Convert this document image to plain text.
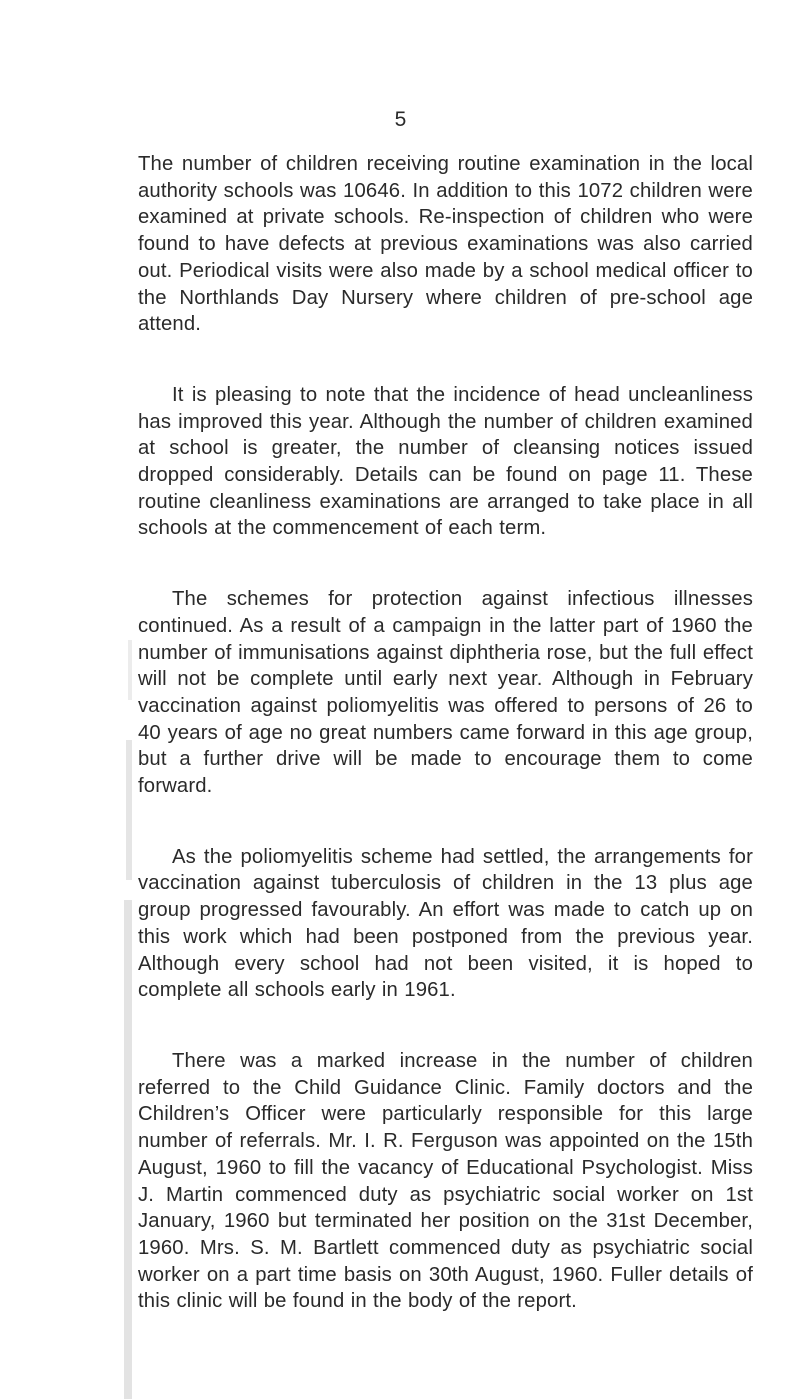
5

The number of children receiving routine examination in the local authority schools was 10646. In addition to this 1072 children were examined at private schools. Re-inspection of children who were found to have defects at previous examinations was also carried out. Periodical visits were also made by a school medical officer to the Northlands Day Nursery where children of pre-school age attend.

It is pleasing to note that the incidence of head uncleanliness has improved this year. Although the number of children examined at school is greater, the number of cleansing notices issued dropped considerably. Details can be found on page 11. These routine cleanliness examinations are arranged to take place in all schools at the commencement of each term.

The schemes for protection against infectious illnesses continued. As a result of a campaign in the latter part of 1960 the number of immunisations against diphtheria rose, but the full effect will not be complete until early next year. Although in February vaccination against poliomyelitis was offered to persons of 26 to 40 years of age no great numbers came forward in this age group, but a further drive will be made to encourage them to come forward.

As the poliomyelitis scheme had settled, the arrangements for vaccination against tuberculosis of children in the 13 plus age group progressed favourably. An effort was made to catch up on this work which had been postponed from the previous year. Although every school had not been visited, it is hoped to complete all schools early in 1961.

There was a marked increase in the number of children referred to the Child Guidance Clinic. Family doctors and the Children’s Officer were particularly responsible for this large number of referrals. Mr. I. R. Ferguson was appointed on the 15th August, 1960 to fill the vacancy of Educational Psychologist. Miss J. Martin commenced duty as psychiatric social worker on 1st January, 1960 but terminated her position on the 31st December, 1960. Mrs. S. M. Bartlett commenced duty as psychiatric social worker on a part time basis on 30th August, 1960. Fuller details of this clinic will be found in the body of the report.
